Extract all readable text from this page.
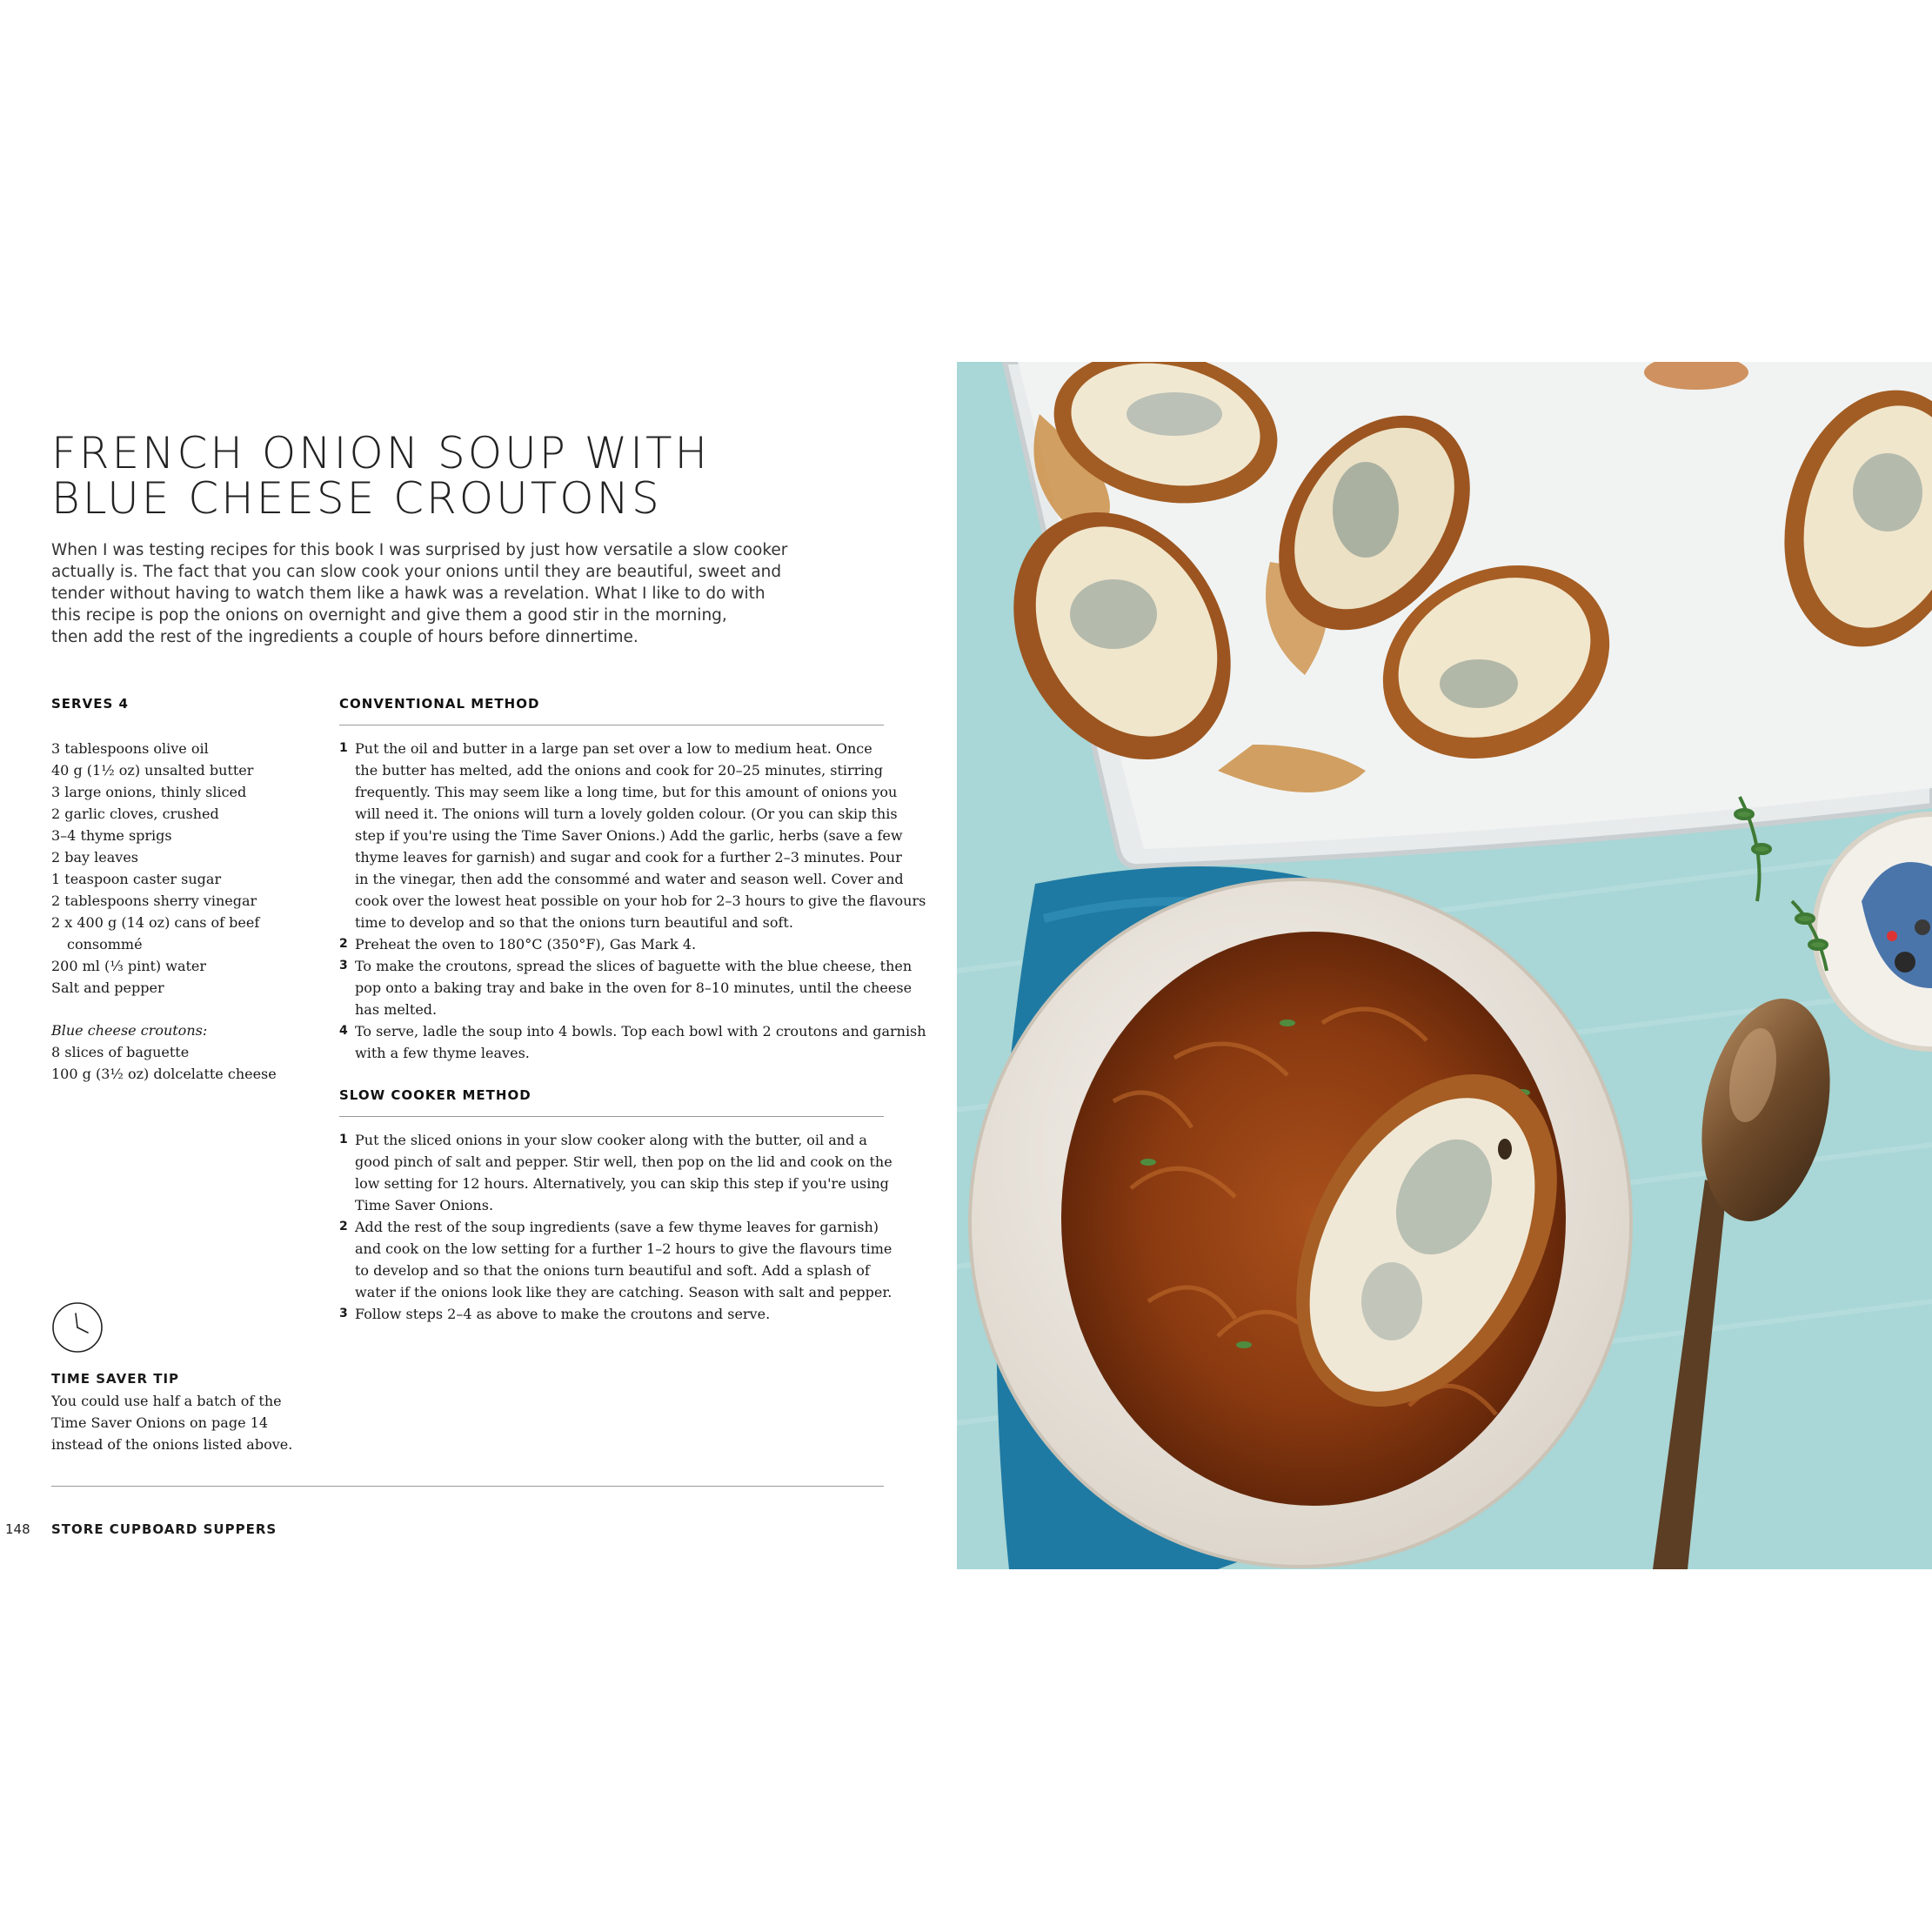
FRENCH ONION SOUP WITH
BLUE CHEESE CROUTONS

When I was testing recipes for this book I was surprised by just how versatile a slow cooker
actually is. The fact that you can slow cook your onions until they are beautiful, sweet and
tender without having to watch them like a hawk was a revelation. What I like to do with
this recipe is pop the onions on overnight and give them a good stir in the morning,
then add the rest of the ingredients a couple of hours before dinnertime.

SERVES 4
3 tablespoons olive oil
40 g (1½ oz) unsalted butter
3 large onions, thinly sliced
2 garlic cloves, crushed
3–4 thyme sprigs
2 bay leaves
1 teaspoon caster sugar
2 tablespoons sherry vinegar
2 x 400 g (14 oz) cans of beef
consommé
200 ml (⅓ pint) water
Salt and pepper
Blue cheese croutons:
8 slices of baguette
100 g (3½ oz) dolcelatte cheese
CONVENTIONAL METHOD
1 Put the oil and butter in a large pan set over a low to medium heat. Once
the butter has melted, add the onions and cook for 20–25 minutes, stirring
frequently. This may seem like a long time, but for this amount of onions you
will need it. The onions will turn a lovely golden colour. (Or you can skip this
step if you're using the Time Saver Onions.) Add the garlic, herbs (save a few
thyme leaves for garnish) and sugar and cook for a further 2–3 minutes. Pour
in the vinegar, then add the consommé and water and season well. Cover and
cook over the lowest heat possible on your hob for 2–3 hours to give the flavours
time to develop and so that the onions turn beautiful and soft.
2 Preheat the oven to 180°C (350°F), Gas Mark 4.
3 To make the croutons, spread the slices of baguette with the blue cheese, then
pop onto a baking tray and bake in the oven for 8–10 minutes, until the cheese
has melted.
4 To serve, ladle the soup into 4 bowls. Top each bowl with 2 croutons and garnish
with a few thyme leaves.
SLOW COOKER METHOD
1 Put the sliced onions in your slow cooker along with the butter, oil and a
good pinch of salt and pepper. Stir well, then pop on the lid and cook on the
low setting for 12 hours. Alternatively, you can skip this step if you're using
Time Saver Onions.
2 Add the rest of the soup ingredients (save a few thyme leaves for garnish)
and cook on the low setting for a further 1–2 hours to give the flavours time
to develop and so that the onions turn beautiful and soft. Add a splash of
water if the onions look like they are catching. Season with salt and pepper.
3 Follow steps 2–4 as above to make the croutons and serve.
TIME SAVER TIP
You could use half a batch of the
Time Saver Onions on page 14
instead of the onions listed above.
148 STORE CUPBOARD SUPPERS
